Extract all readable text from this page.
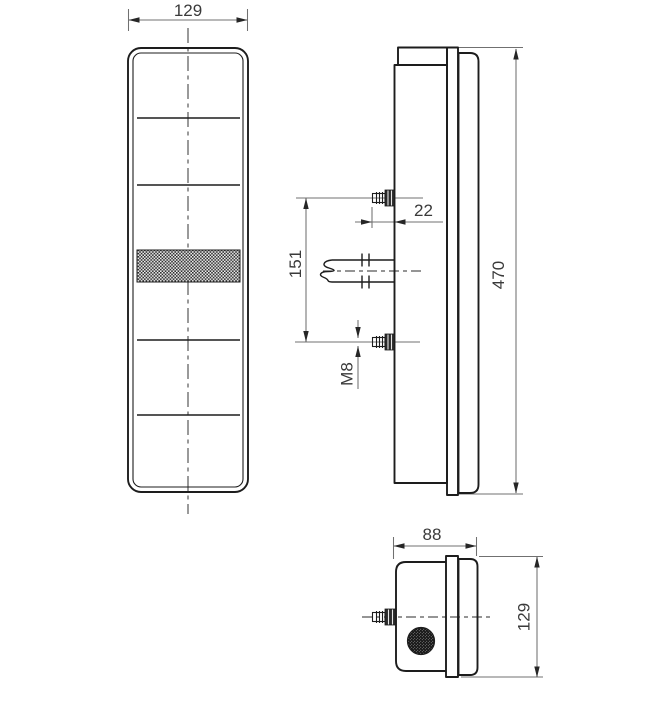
129
151
22
M8
470
88
129
